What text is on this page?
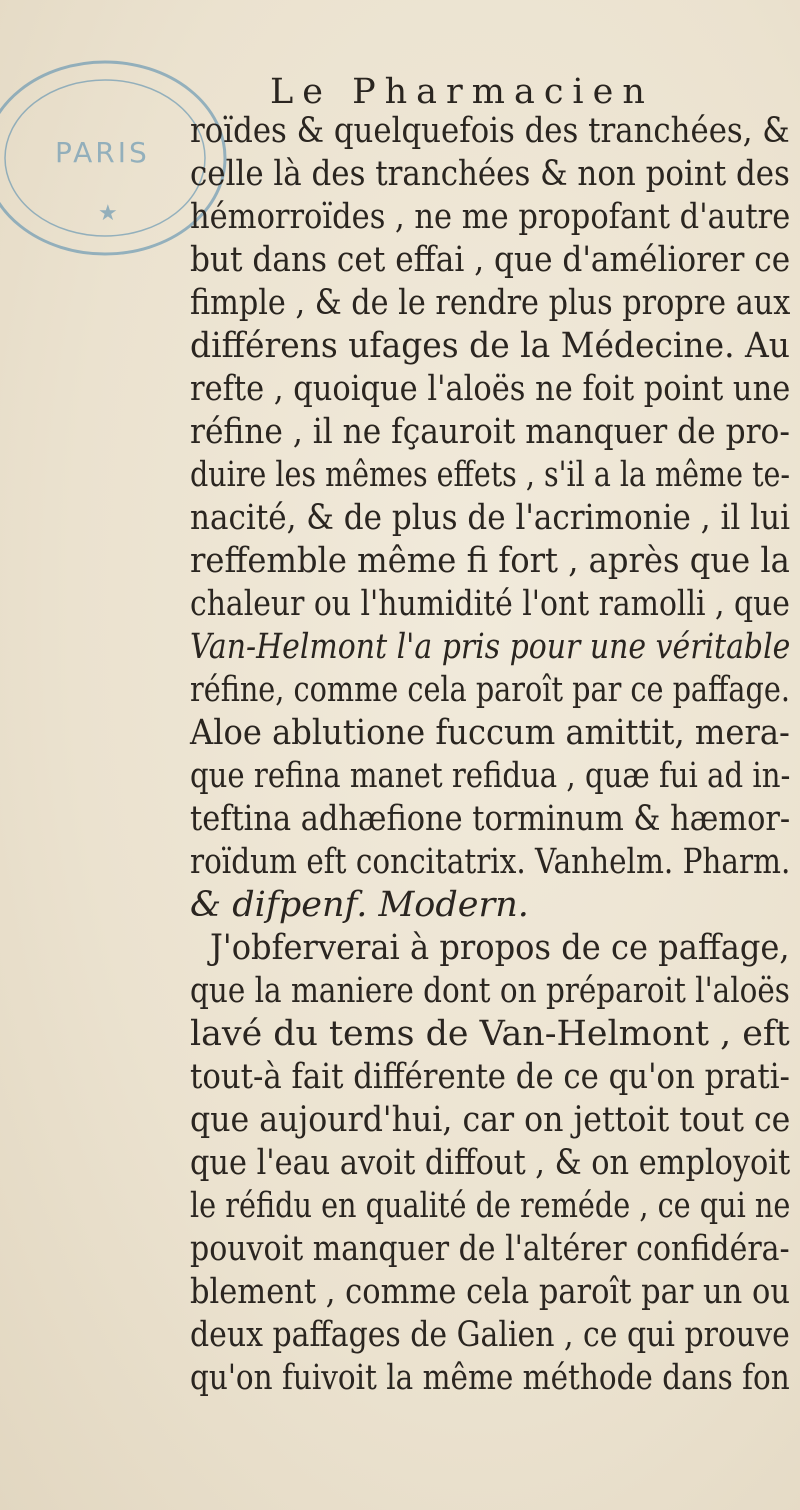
PARIS
★
Le Pharmacien
roïdes & quelquefois des tranchées, &
celle là des tranchées & non point des
hémorroïdes , ne me propofant d'autre
but dans cet effai , que d'améliorer ce
fimple , & de le rendre plus propre aux
différens ufages de la Médecine. Au
refte , quoique l'aloës ne foit point une
réfine , il ne fçauroit manquer de pro-
duire les mêmes effets , s'il a la même te-
nacité, & de plus de l'acrimonie , il lui
reffemble même fi fort , après que la
chaleur ou l'humidité l'ont ramolli , que
Van-Helmont l'a pris pour une véritable
réfine, comme cela paroît par ce paffage.
Aloe ablutione fuccum amittit, mera-
que refina manet refidua , quæ fui ad in-
teftina adhæfione torminum & hæmor-
roïdum eft concitatrix. Vanhelm. Pharm.
& difpenf. Modern.
J'obferverai à propos de ce paffage,
que la maniere dont on préparoit l'aloës
lavé du tems de Van-Helmont , eft
tout-à fait différente de ce qu'on prati-
que aujourd'hui, car on jettoit tout ce
que l'eau avoit diffout , & on employoit
le réfidu en qualité de reméde , ce qui ne
pouvoit manquer de l'altérer confidéra-
blement , comme cela paroît par un ou
deux paffages de Galien , ce qui prouve
qu'on fuivoit la même méthode dans fon
